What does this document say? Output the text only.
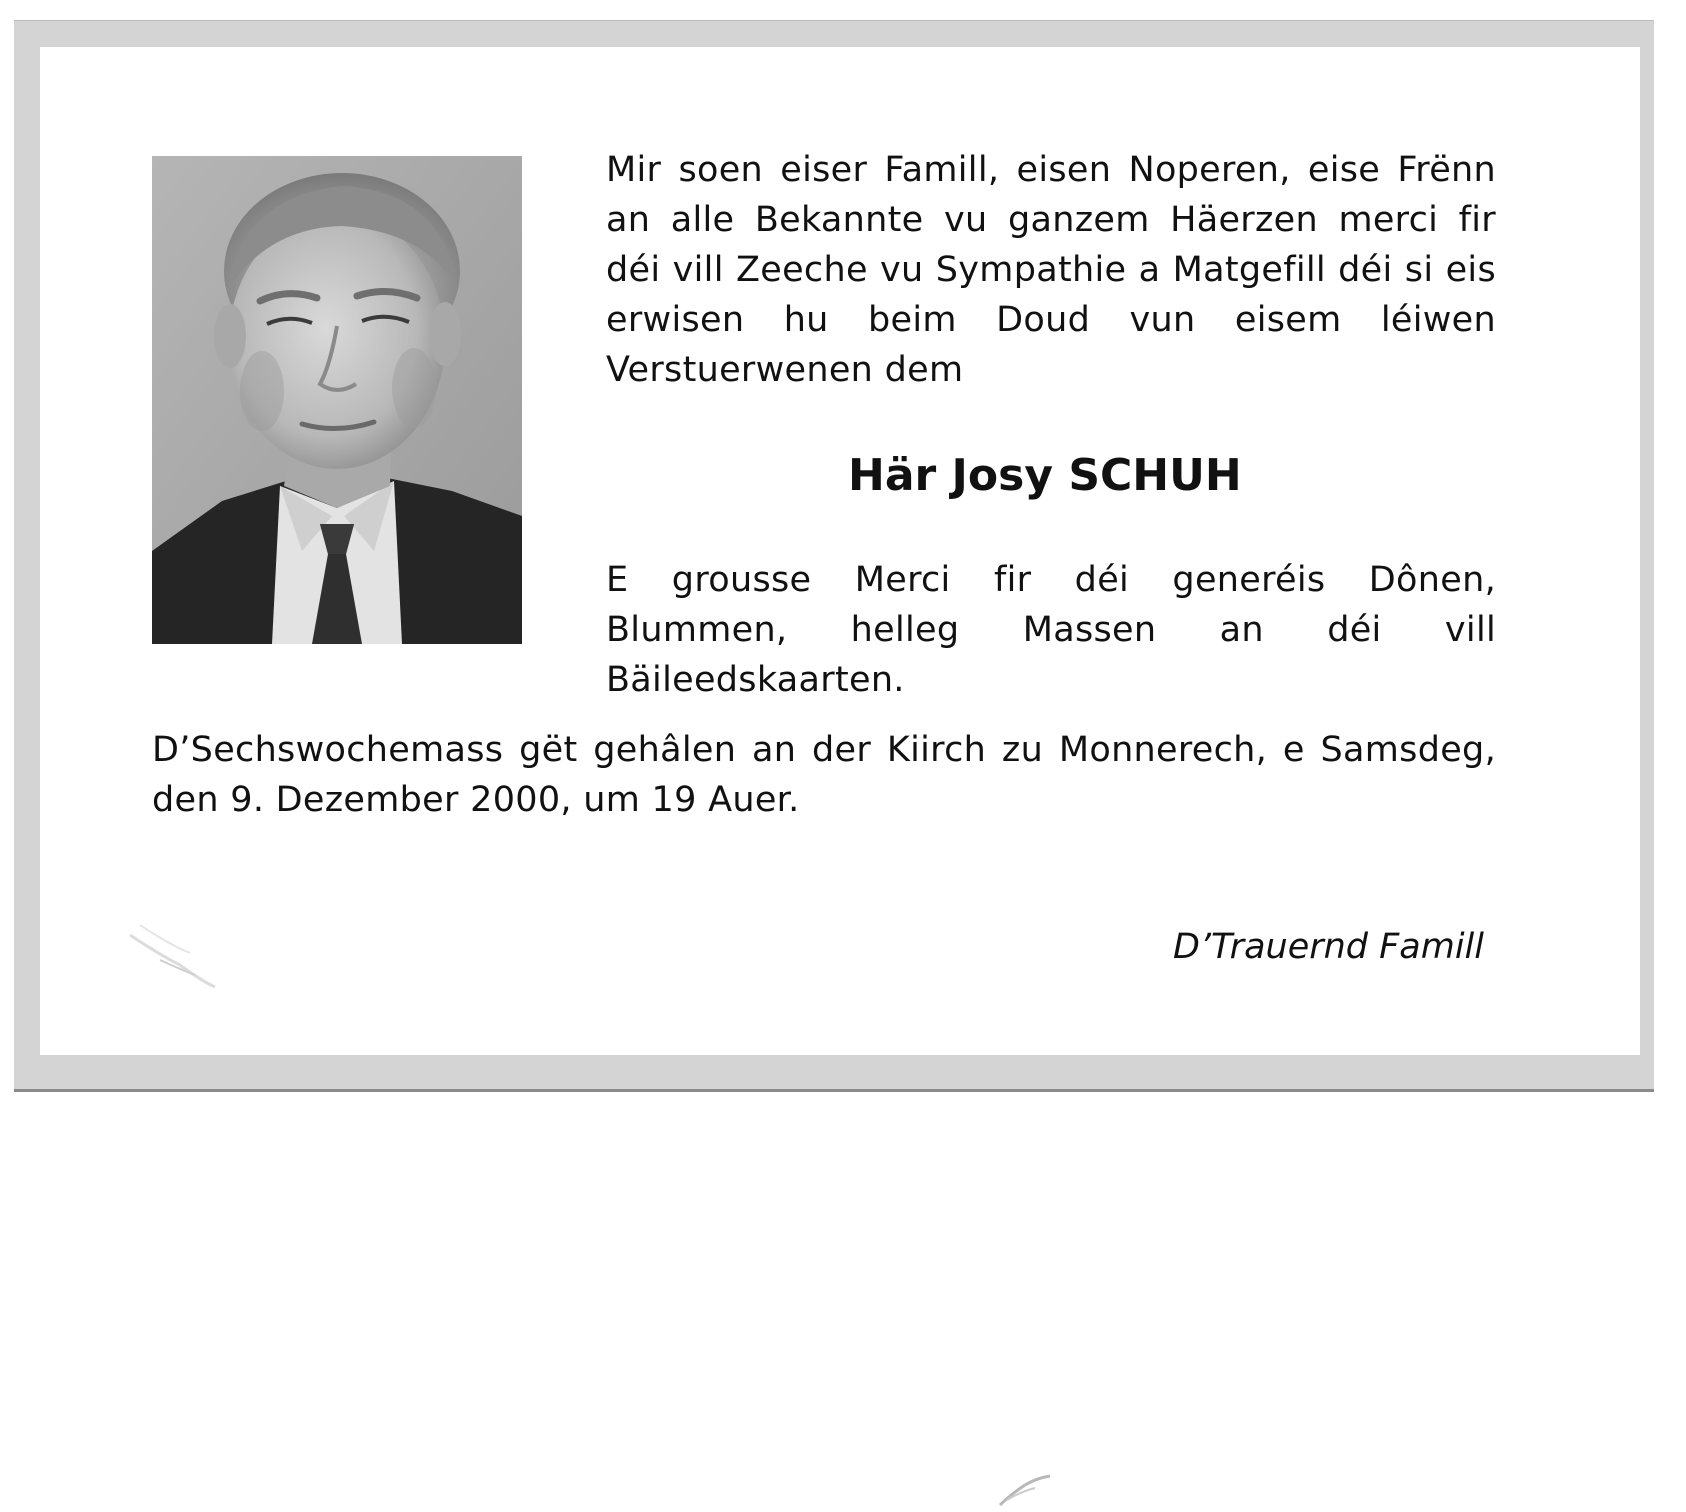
Mir soen eiser Famill, eisen Noperen, eise Frënn an alle Bekannte vu ganzem Häerzen merci fir déi vill Zeeche vu Sympathie a Matgefill déi si eis erwisen hu beim Doud vun eisem léiwen Verstuerwenen dem

Här Josy SCHUH

E grousse Merci fir déi generéis Dônen, Blummen, helleg Massen an déi vill Bäileedskaarten.

D’Sechswochemass gët gehâlen an der Kiirch zu Monnerech, e Samsdeg, den 9. Dezember 2000, um 19 Auer.

D’Trauernd Famill
